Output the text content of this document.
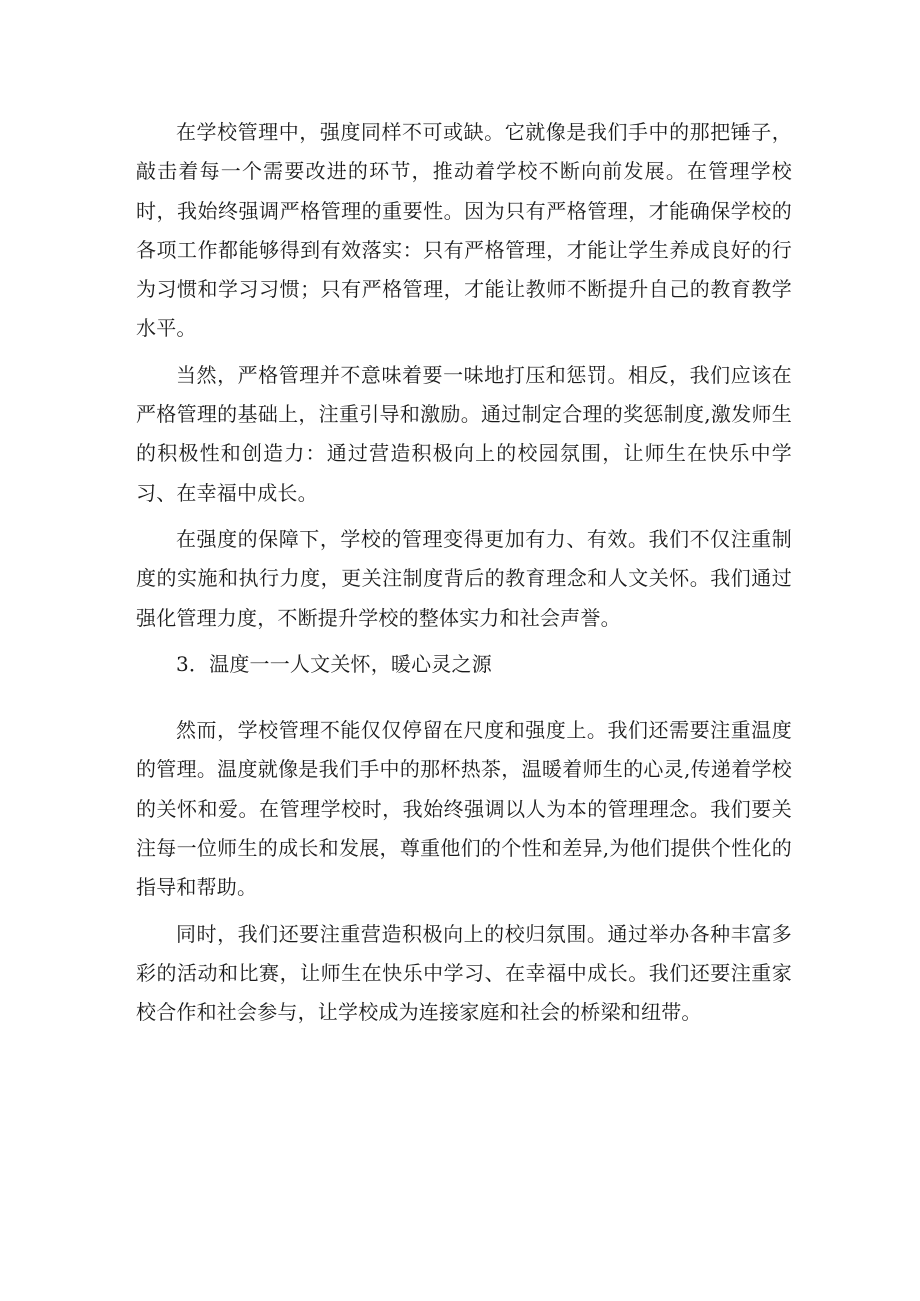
在学校管理中，强度同样不可或缺。它就像是我们手中的那把锤子，敲击着每一个需要改进的环节，推动着学校不断向前发展。在管理学校时，我始终强调严格管理的重要性。因为只有严格管理，才能确保学校的各项工作都能够得到有效落实：只有严格管理，才能让学生养成良好的行为习惯和学习习惯；只有严格管理，才能让教师不断提升自己的教育教学水平。

当然，严格管理并不意味着要一味地打压和惩罚。相反，我们应该在严格管理的基础上，注重引导和激励。通过制定合理的奖惩制度,激发师生的积极性和创造力：通过营造积极向上的校园氛围，让师生在快乐中学习、在幸福中成长。

在强度的保障下，学校的管理变得更加有力、有效。我们不仅注重制度的实施和执行力度，更关注制度背后的教育理念和人文关怀。我们通过强化管理力度，不断提升学校的整体实力和社会声誉。

3．温度一一人文关怀，暖心灵之源

然而，学校管理不能仅仅停留在尺度和强度上。我们还需要注重温度的管理。温度就像是我们手中的那杯热茶，温暖着师生的心灵,传递着学校的关怀和爱。在管理学校时，我始终强调以人为本的管理理念。我们要关注每一位师生的成长和发展，尊重他们的个性和差异,为他们提供个性化的指导和帮助。

同时，我们还要注重营造积极向上的校归氛围。通过举办各种丰富多彩的活动和比赛，让师生在快乐中学习、在幸福中成长。我们还要注重家校合作和社会参与，让学校成为连接家庭和社会的桥梁和纽带。
